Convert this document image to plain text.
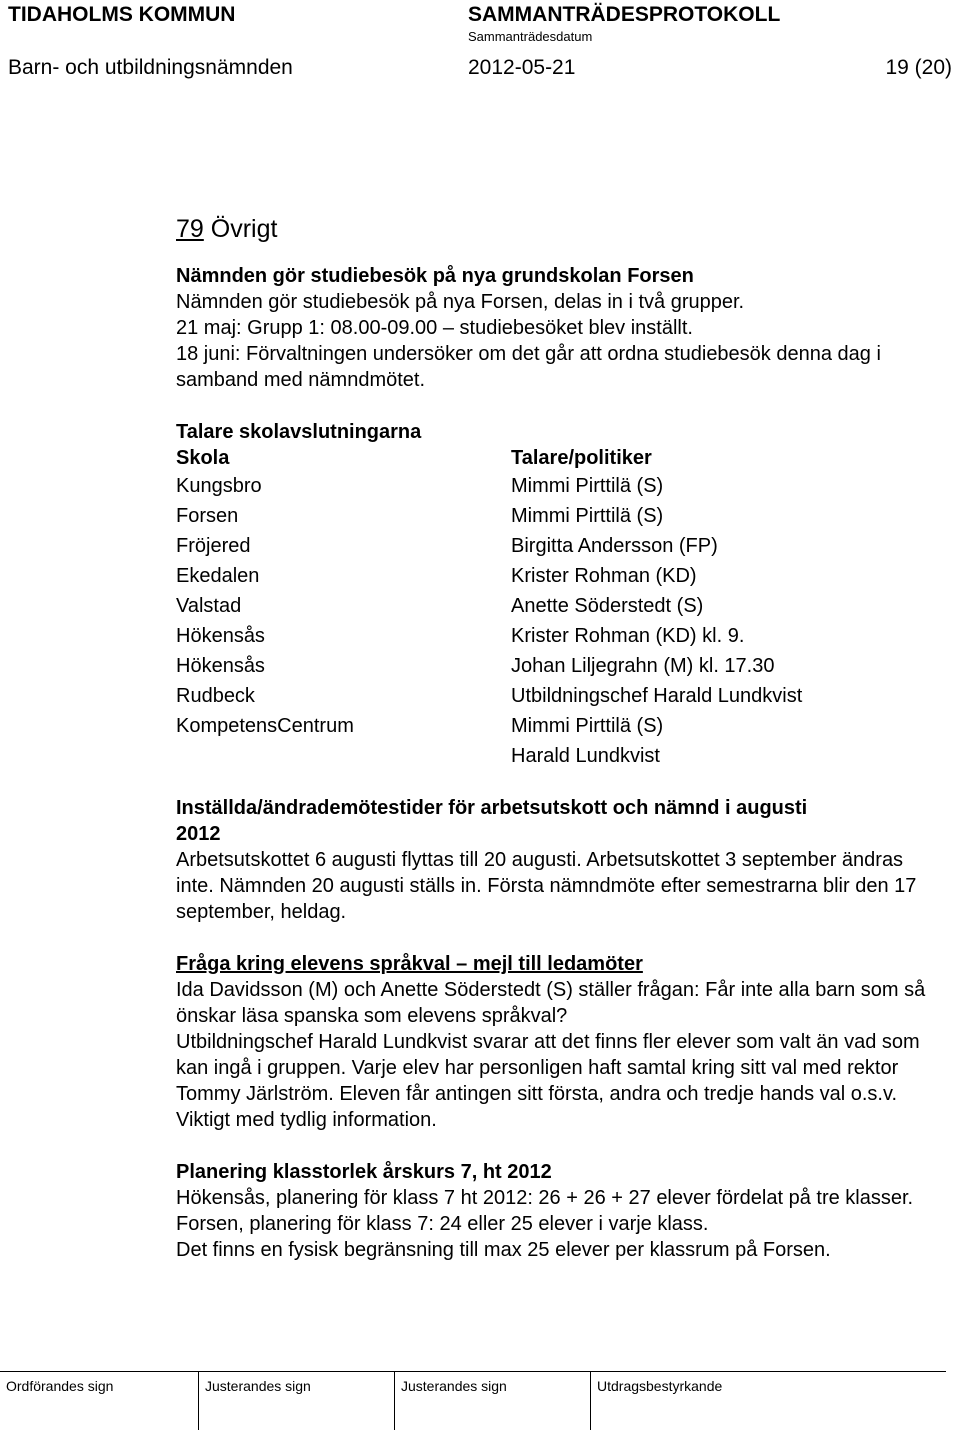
TIDAHOLMS KOMMUN	SAMMANTRÄDESPROTOKOLL
Sammanträdesdatum
Barn- och utbildningsnämnden	2012-05-21	19 (20)
79 Övrigt

Nämnden gör studiebesök på nya grundskolan Forsen

Nämnden gör studiebesök på nya Forsen, delas in i två grupper.

21 maj: Grupp 1: 08.00-09.00 – studiebesöket blev inställt.

18 juni: Förvaltningen undersöker om det går att ordna studiebesök denna dag i samband med nämndmötet.

Talare skolavslutningarna

Skola	Talare/politiker
Kungsbro	Mimmi Pirttilä (S)
Forsen	Mimmi Pirttilä (S)
Fröjered	Birgitta Andersson (FP)
Ekedalen	Krister Rohman (KD)
Valstad	Anette Söderstedt (S)
Hökensås	Krister Rohman (KD) kl. 9.
Hökensås	Johan Liljegrahn (M) kl. 17.30
Rudbeck	Utbildningschef Harald Lundkvist
KompetensCentrum	Mimmi Pirttilä (S)
	Harald Lundkvist

Inställda/ändrademötestider för arbetsutskott och nämnd i augusti 2012

Arbetsutskottet 6 augusti flyttas till 20 augusti. Arbetsutskottet 3 september ändras inte. Nämnden 20 augusti ställs in. Första nämndmöte efter semestrarna blir den 17 september, heldag.

Fråga kring elevens språkval – mejl till ledamöter

Ida Davidsson (M) och Anette Söderstedt (S) ställer frågan: Får inte alla barn som så önskar läsa spanska som elevens språkval?

Utbildningschef Harald Lundkvist svarar att det finns fler elever som valt än vad som kan ingå i gruppen. Varje elev har personligen haft samtal kring sitt val med rektor Tommy Järlström. Eleven får antingen sitt första, andra och tredje hands val o.s.v. Viktigt med tydlig information.

Planering klasstorlek årskurs 7, ht 2012

Hökensås, planering för klass 7 ht 2012: 26 + 26 + 27 elever fördelat på tre klasser. Forsen, planering för klass 7: 24 eller 25 elever i varje klass.

Det finns en fysisk begränsning till max 25 elever per klassrum på Forsen.

Ordförandes sign	Justerandes sign	Justerandes sign	Utdragsbestyrkande
